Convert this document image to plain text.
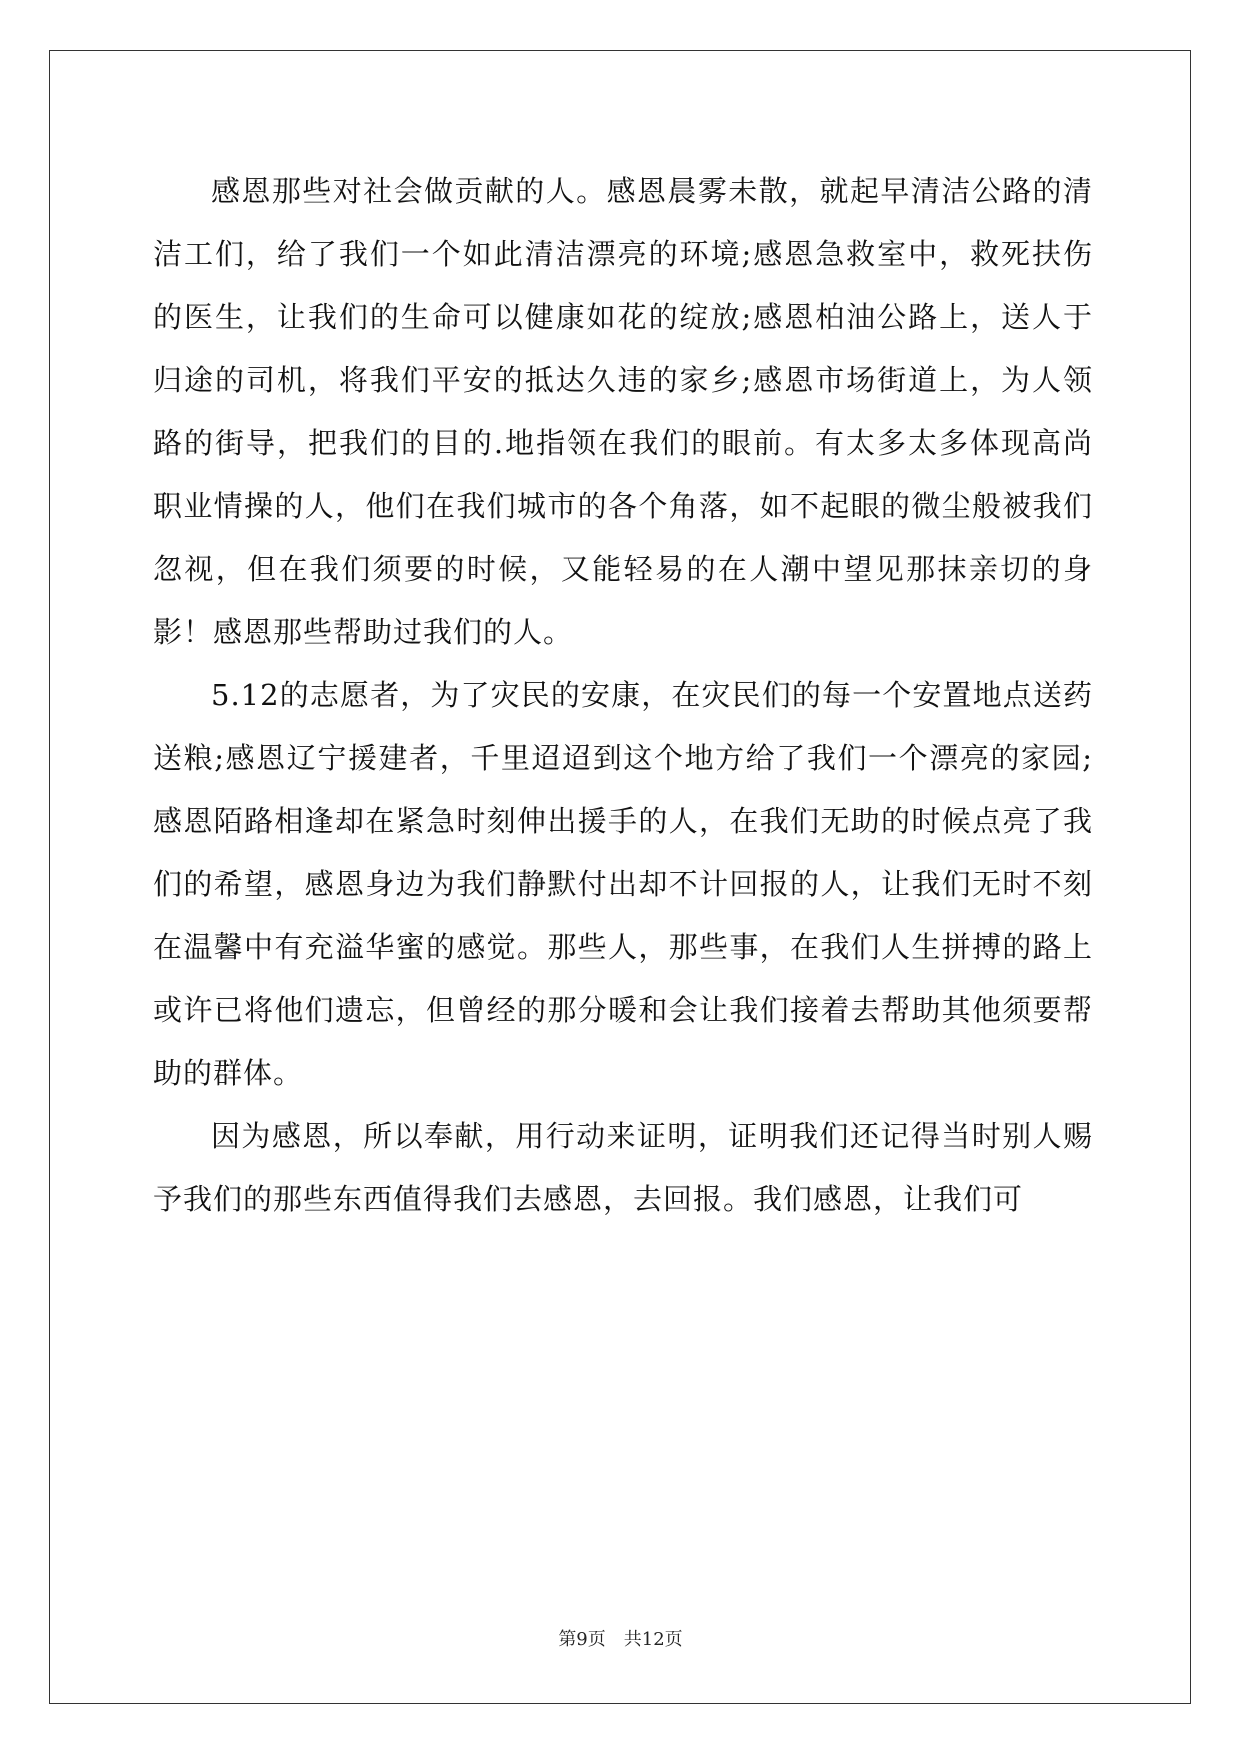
感恩那些对社会做贡献的人。感恩晨雾未散，就起早清洁公路的清洁工们，给了我们一个如此清洁漂亮的环境;感恩急救室中，救死扶伤的医生，让我们的生命可以健康如花的绽放;感恩柏油公路上，送人于归途的司机，将我们平安的抵达久违的家乡;感恩市场街道上，为人领路的街导，把我们的目的.地指领在我们的眼前。有太多太多体现高尚职业情操的人，他们在我们城市的各个角落，如不起眼的微尘般被我们忽视，但在我们须要的时候，又能轻易的在人潮中望见那抹亲切的身影！感恩那些帮助过我们的人。

5.12的志愿者，为了灾民的安康，在灾民们的每一个安置地点送药送粮;感恩辽宁援建者，千里迢迢到这个地方给了我们一个漂亮的家园;感恩陌路相逢却在紧急时刻伸出援手的人，在我们无助的时候点亮了我们的希望，感恩身边为我们静默付出却不计回报的人，让我们无时不刻在温馨中有充溢华蜜的感觉。那些人，那些事，在我们人生拼搏的路上或许已将他们遗忘，但曾经的那分暖和会让我们接着去帮助其他须要帮助的群体。

因为感恩，所以奉献，用行动来证明，证明我们还记得当时别人赐予我们的那些东西值得我们去感恩，去回报。我们感恩，让我们可

第9页 共12页
